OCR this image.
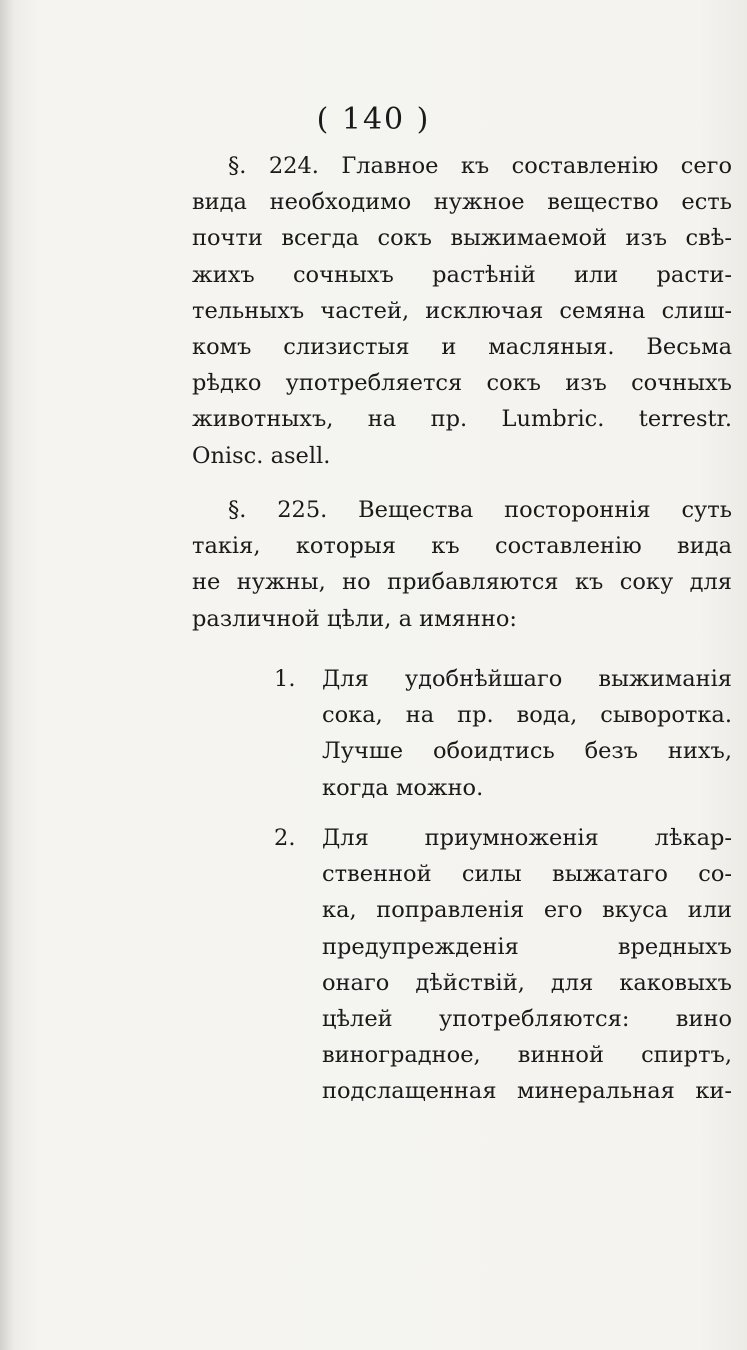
( 140 )
§. 224. Главное къ составленію сего
вида необходимо нужное вещество есть
почти всегда сокъ выжимаемой изъ свѣ-
жихъ сочныхъ растѣній или расти-
тельныхъ частей, исключая семяна слиш-
комъ слизистыя и масляныя. Весьма
рѣдко употребляется сокъ изъ сочныхъ
животныхъ, на пр. Lumbric. terrestr.
Onisc. asell.
§. 225. Вещества постороннія суть
такія, которыя къ составленію вида
не нужны, но прибавляются къ соку для
различной цѣли, а имянно:
1. Для удобнѣйшаго выжиманія
сока, на пр. вода, сыворотка.
Лучше обоидтись безъ нихъ,
когда можно.
2. Для приумноженія лѣкар-
ственной силы выжатаго со-
ка, поправленія его вкуса или
предупрежденія вредныхъ
онаго дѣйствій, для каковыхъ
цѣлей употребляются: вино
виноградное, винной спиртъ,
подслащенная минеральная ки-
